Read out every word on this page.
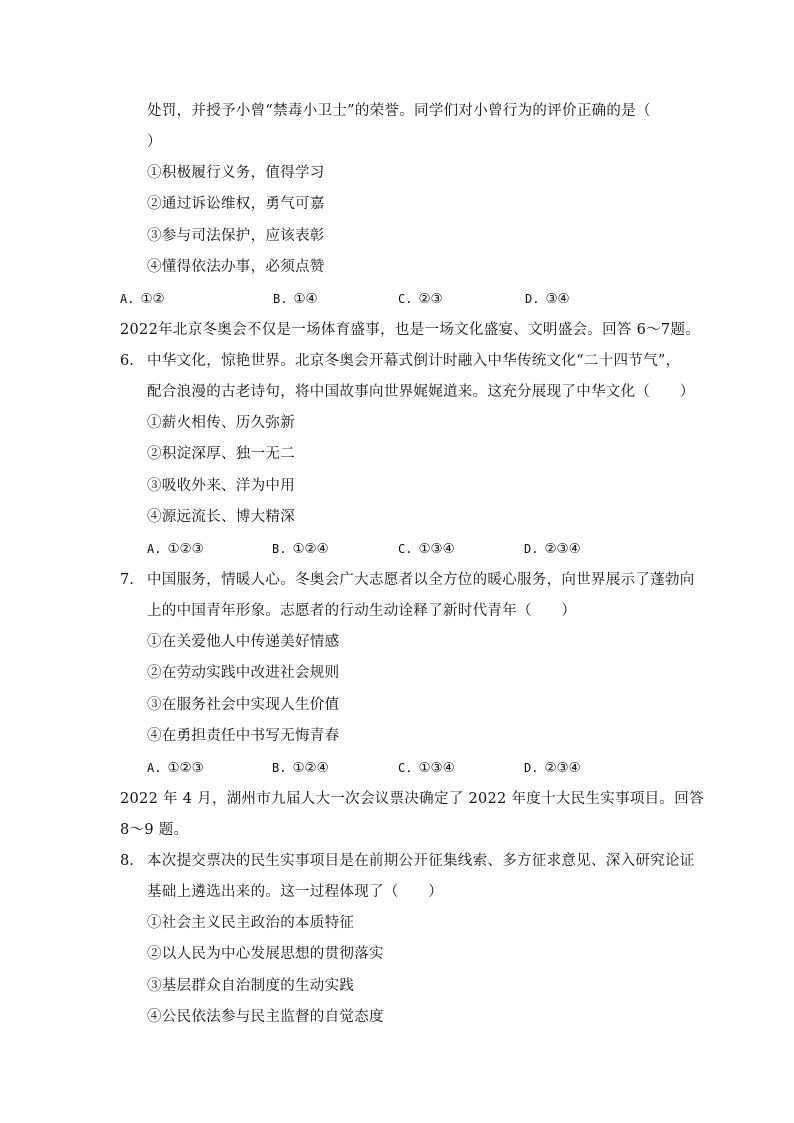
处罚，并授予小曾“禁毒小卫士”的荣誉。同学们对小曾行为的评价正确的是（
）
①积极履行义务，值得学习
②通过诉讼维权，勇气可嘉
③参与司法保护，应该表彰
④懂得依法办事，必须点赞
A. ①②	B. ①④	C. ②③	D. ③④
2022年北京冬奥会不仅是一场体育盛事，也是一场文化盛宴、文明盛会。回答 6～7题。
6. 中华文化，惊艳世界。北京冬奥会开幕式倒计时融入中华传统文化“二十四节气”，
配合浪漫的古老诗句，将中国故事向世界娓娓道来。这充分展现了中华文化（　　）
①薪火相传、历久弥新
②积淀深厚、独一无二
③吸收外来、洋为中用
④源远流长、博大精深
A. ①②③	B. ①②④	C. ①③④	D. ②③④
7. 中国服务，情暖人心。冬奥会广大志愿者以全方位的暖心服务，向世界展示了蓬勃向
上的中国青年形象。志愿者的行动生动诠释了新时代青年（　　）
①在关爱他人中传递美好情感
②在劳动实践中改进社会规则
③在服务社会中实现人生价值
④在勇担责任中书写无悔青春
A. ①②③	B. ①②④	C. ①③④	D. ②③④
2022 年 4 月，湖州市九届人大一次会议票决确定了 2022 年度十大民生实事项目。回答
8～9 题。
8. 本次提交票决的民生实事项目是在前期公开征集线索、多方征求意见、深入研究论证
基础上遴选出来的。这一过程体现了（　　）
①社会主义民主政治的本质特征
②以人民为中心发展思想的贯彻落实
③基层群众自治制度的生动实践
④公民依法参与民主监督的自觉态度
